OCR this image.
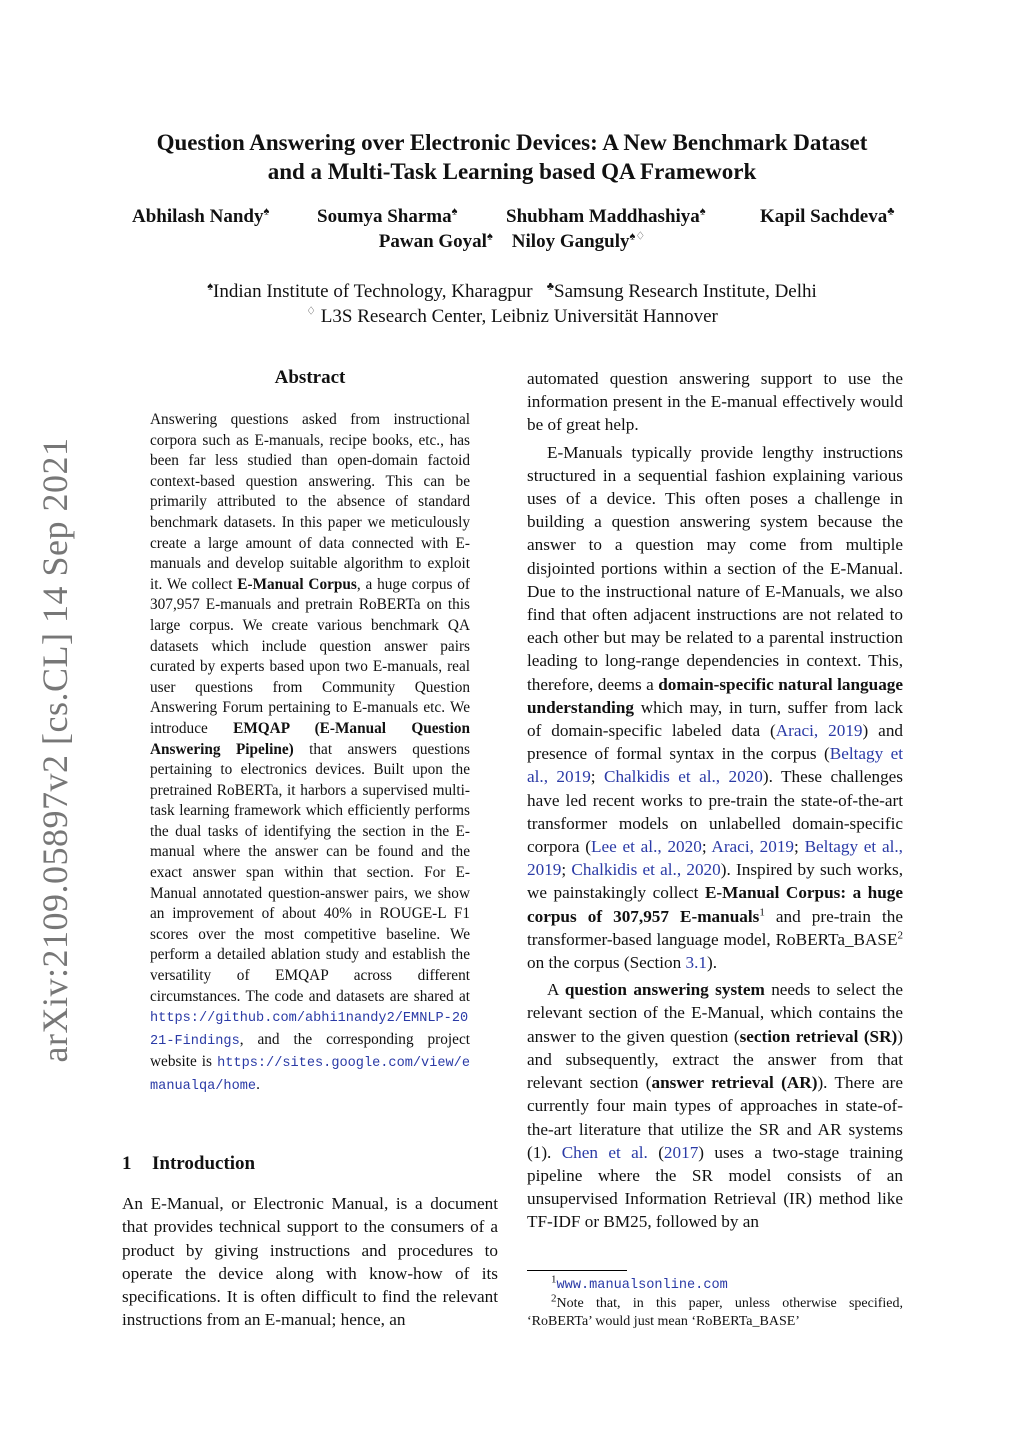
Question Answering over Electronic Devices: A New Benchmark Dataset
and a Multi-Task Learning based QA Framework
Abhilash Nandy♠	Soumya Sharma♠	Shubham Maddhashiya♠	Kapil Sachdeva♣
Pawan Goyal♠ Niloy Ganguly♠♢
♠Indian Institute of Technology, Kharagpur ♣Samsung Research Institute, Delhi
♢ L3S Research Center, Leibniz Universität Hannover
arXiv:2109.05897v2 [cs.CL] 14 Sep 2021
Abstract
Answering questions asked from instructional corpora such as E-manuals, recipe books, etc., has been far less studied than open-domain factoid context-based question answering. This can be primarily attributed to the absence of standard benchmark datasets. In this paper we meticulously create a large amount of data connected with E-manuals and develop suitable algorithm to exploit it. We collect E-Manual Corpus, a huge corpus of 307,957 E-manuals and pretrain RoBERTa on this large corpus. We create various benchmark QA datasets which include question answer pairs curated by experts based upon two E-manuals, real user questions from Community Question Answering Forum pertaining to E-manuals etc. We introduce EMQAP (E-Manual Question Answering Pipeline) that answers questions pertaining to electronics devices. Built upon the pretrained RoBERTa, it harbors a supervised multi-task learning framework which efficiently performs the dual tasks of identifying the section in the E-manual where the answer can be found and the exact answer span within that section. For E-Manual annotated question-answer pairs, we show an improvement of about 40% in ROUGE-L F1 scores over the most competitive baseline. We perform a detailed ablation study and establish the versatility of EMQAP across different circumstances. The code and datasets are shared at https://github.com/abhi1nandy2/EMNLP-2021-Findings, and the corresponding project website is https://sites.google.com/view/emanualqa/home.
1 Introduction
An E-Manual, or Electronic Manual, is a document that provides technical support to the consumers of a product by giving instructions and procedures to operate the device along with know-how of its specifications. It is often difficult to find the relevant instructions from an E-manual; hence, an

automated question answering support to use the information present in the E-manual effectively would be of great help.

E-Manuals typically provide lengthy instructions structured in a sequential fashion explaining various uses of a device. This often poses a challenge in building a question answering system because the answer to a question may come from multiple disjointed portions within a section of the E-Manual. Due to the instructional nature of E-Manuals, we also find that often adjacent instructions are not related to each other but may be related to a parental instruction leading to long-range dependencies in context. This, therefore, deems a domain-specific natural language understanding which may, in turn, suffer from lack of domain-specific labeled data (Araci, 2019) and presence of formal syntax in the corpus (Beltagy et al., 2019; Chalkidis et al., 2020). These challenges have led recent works to pre-train the state-of-the-art transformer models on unlabelled domain-specific corpora (Lee et al., 2020; Araci, 2019; Beltagy et al., 2019; Chalkidis et al., 2020). Inspired by such works, we painstakingly collect E-Manual Corpus: a huge corpus of 307,957 E-manuals$^1$ and pre-train the transformer-based language model, RoBERTa_BASE$^2$ on the corpus (Section 3.1).

A question answering system needs to select the relevant section of the E-Manual, which contains the answer to the given question (section retrieval (SR)) and subsequently, extract the answer from that relevant section (answer retrieval (AR)). There are currently four main types of approaches in state-of-the-art literature that utilize the SR and AR systems (1). Chen et al. (2017) uses a two-stage training pipeline where the SR model consists of an unsupervised Information Retrieval (IR) method like TF-IDF or BM25, followed by an

$^1$www.manualsonline.com
$^2$Note that, in this paper, unless otherwise specified, ‘RoBERTa’ would just mean ‘RoBERTa_BASE’
